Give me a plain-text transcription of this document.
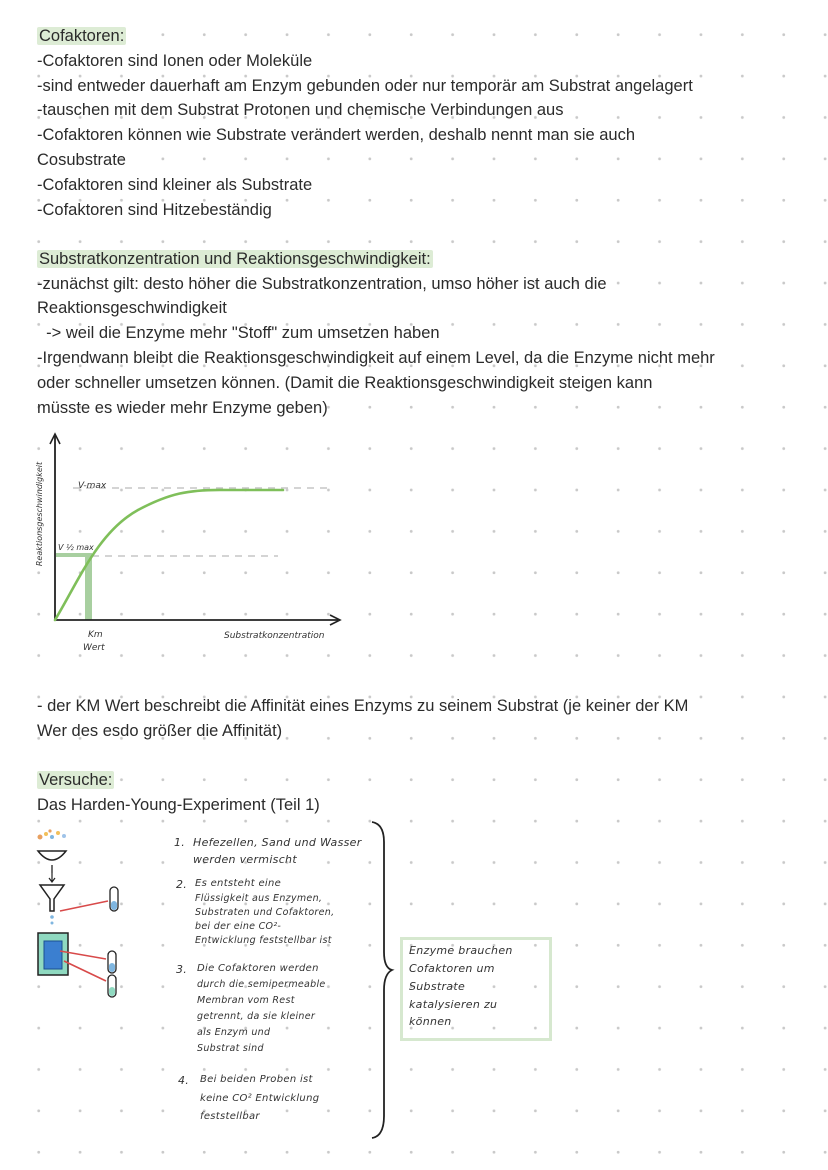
Cofaktoren:
-Cofaktoren sind Ionen oder Moleküle
-sind entweder dauerhaft am Enzym gebunden oder nur temporär am Substrat angelagert
-tauschen mit dem Substrat Protonen und chemische Verbindungen aus
-Cofaktoren können wie Substrate verändert werden, deshalb nennt man sie auch
Cosubstrate
-Cofaktoren sind kleiner als Substrate
-Cofaktoren sind Hitzebeständig
Substratkonzentration und Reaktionsgeschwindigkeit:
-zunächst gilt: desto höher die Substratkonzentration, umso höher ist auch die
Reaktionsgeschwindigkeit
-> weil die Enzyme mehr "Stoff" zum umsetzen haben
-Irgendwann bleibt die Reaktionsgeschwindigkeit auf einem Level, da die Enzyme nicht mehr
oder schneller umsetzen können. (Damit die Reaktionsgeschwindigkeit steigen kann
müsste es wieder mehr Enzyme geben)
Reaktionsgeschwindigkeit	V-max
V ½ max
Km
Wert
Substratkonzentration
- der KM Wert beschreibt die Affinität eines Enzyms zu seinem Substrat (je keiner der KM
Wer des esdo größer die Affinität)
Versuche:
Das Harden-Young-Experiment (Teil 1)
1. Hefezellen, Sand und Wasser
werden vermischt
2. Es entsteht eine
Flüssigkeit aus Enzymen,
Substraten und Cofaktoren,
bei der eine CO²-
Entwicklung feststellbar ist
3. Die Cofaktoren werden
durch die semipermeable
Membran vom Rest
getrennt, da sie kleiner
als Enzym und
Substrat sind
4. Bei beiden Proben ist
keine CO² Entwicklung
feststellbar
Enzyme brauchen
Cofaktoren um
Substrate
katalysieren zu
können
